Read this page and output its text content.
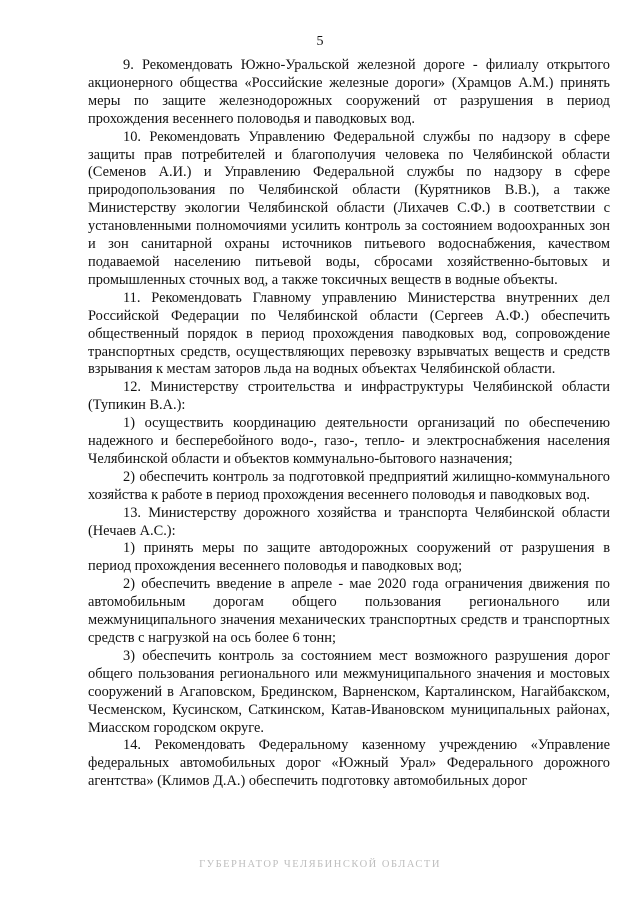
5

9. Рекомендовать Южно-Уральской железной дороге - филиалу открытого акционерного общества «Российские железные дороги» (Храмцов А.М.) принять меры по защите железнодорожных сооружений от разрушения в период прохождения весеннего половодья и паводковых вод.

10. Рекомендовать Управлению Федеральной службы по надзору в сфере защиты прав потребителей и благополучия человека по Челябинской области (Семенов А.И.) и Управлению Федеральной службы по надзору в сфере природопользования по Челябинской области (Курятников В.В.), а также Министерству экологии Челябинской области (Лихачев С.Ф.) в соответствии с установленными полномочиями усилить контроль за состоянием водоохранных зон и зон санитарной охраны источников питьевого водоснабжения, качеством подаваемой населению питьевой воды, сбросами хозяйственно-бытовых и промышленных сточных вод, а также токсичных веществ в водные объекты.

11. Рекомендовать Главному управлению Министерства внутренних дел Российской Федерации по Челябинской области (Сергеев А.Ф.) обеспечить общественный порядок в период прохождения паводковых вод, сопровождение транспортных средств, осуществляющих перевозку взрывчатых веществ и средств взрывания к местам заторов льда на водных объектах Челябинской области.

12. Министерству строительства и инфраструктуры Челябинской области (Тупикин В.А.):

1) осуществить координацию деятельности организаций по обеспечению надежного и бесперебойного водо-, газо-, тепло- и электроснабжения населения Челябинской области и объектов коммунально-бытового назначения;

2) обеспечить контроль за подготовкой предприятий жилищно-коммунального хозяйства к работе в период прохождения весеннего половодья и паводковых вод.

13. Министерству дорожного хозяйства и транспорта Челябинской области (Нечаев А.С.):

1) принять меры по защите автодорожных сооружений от разрушения в период прохождения весеннего половодья и паводковых вод;

2) обеспечить введение в апреле - мае 2020 года ограничения движения по автомобильным дорогам общего пользования регионального или межмуниципального значения механических транспортных средств и транспортных средств с нагрузкой на ось более 6 тонн;

3) обеспечить контроль за состоянием мест возможного разрушения дорог общего пользования регионального или межмуниципального значения и мостовых сооружений в Агаповском, Брединском, Варненском, Карталинском, Нагайбакском, Чесменском, Кусинском, Саткинском, Катав-Ивановском муниципальных районах, Миасском городском округе.

14. Рекомендовать Федеральному казенному учреждению «Управление федеральных автомобильных дорог «Южный Урал» Федерального дорожного агентства» (Климов Д.А.) обеспечить подготовку автомобильных дорог

ГУБЕРНАТОР ЧЕЛЯБИНСКОЙ ОБЛАСТИ
